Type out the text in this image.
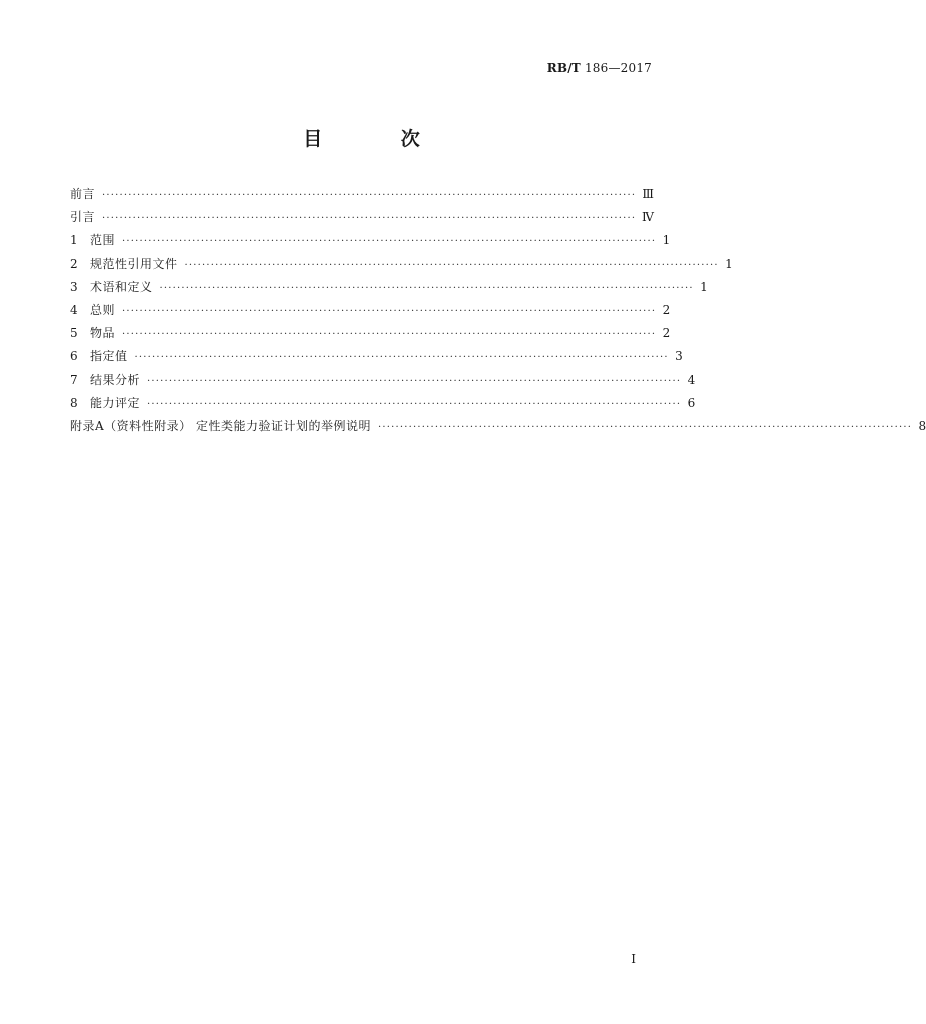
RB/T 186—2017
目 次
前言 ·························································································································· Ⅲ
引言 ·························································································································· Ⅳ
1	范围 ·························································································································· 1
2	规范性引用文件 ·························································································································· 1
3	术语和定义 ·························································································································· 1
4	总则 ·························································································································· 2
5	物品 ·························································································································· 2
6	指定值 ·························································································································· 3
7	结果分析 ·························································································································· 4
8	能力评定 ·························································································································· 6
附录A（资料性附录） 定性类能力验证计划的举例说明 ·························································································································· 8
I
